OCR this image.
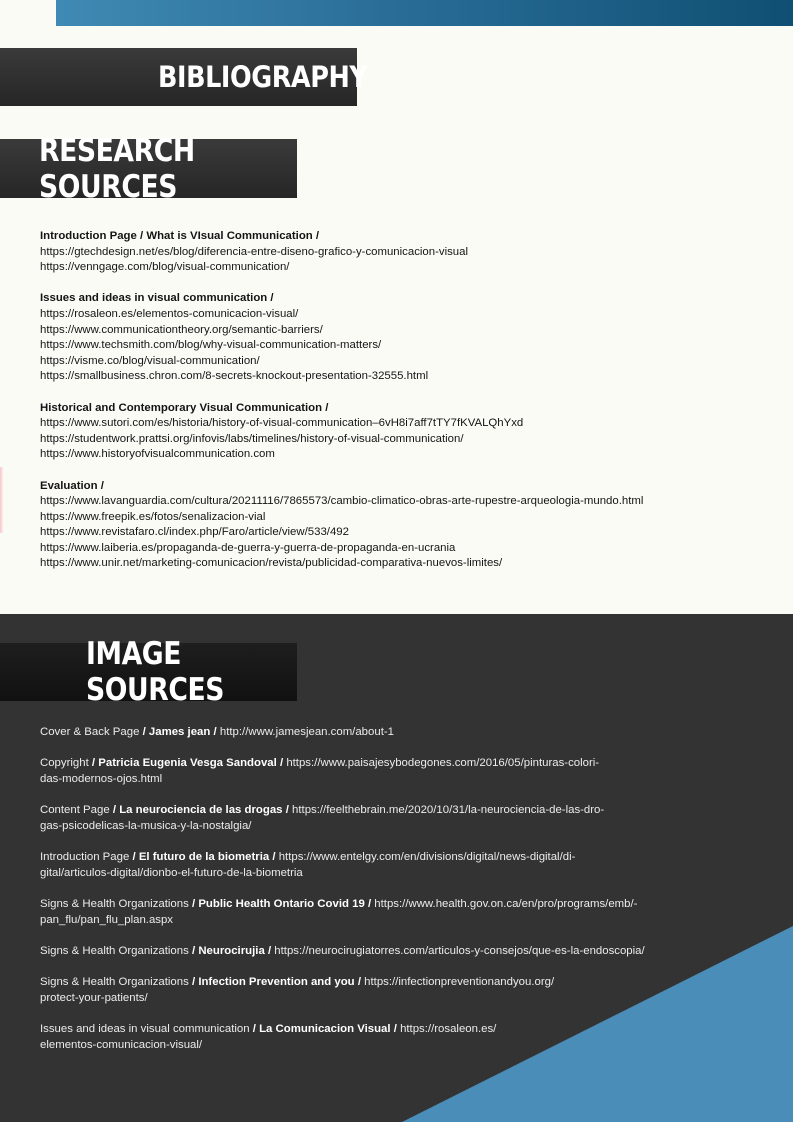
BIBLIOGRAPHY
RESEARCH SOURCES
Introduction Page / What is VIsual Communication /
https://gtechdesign.net/es/blog/diferencia-entre-diseno-grafico-y-comunicacion-visual
https://venngage.com/blog/visual-communication/
Issues and ideas in visual communication /
https://rosaleon.es/elementos-comunicacion-visual/
https://www.communicationtheory.org/semantic-barriers/
https://www.techsmith.com/blog/why-visual-communication-matters/
https://visme.co/blog/visual-communication/
https://smallbusiness.chron.com/8-secrets-knockout-presentation-32555.html
Historical and Contemporary Visual Communication /
https://www.sutori.com/es/historia/history-of-visual-communication–6vH8i7aff7tTY7fKVALQhYxd
https://studentwork.prattsi.org/infovis/labs/timelines/history-of-visual-communication/
https://www.historyofvisualcommunication.com
Evaluation /
https://www.lavanguardia.com/cultura/20211116/7865573/cambio-climatico-obras-arte-rupestre-arqueologia-mundo.html
https://www.freepik.es/fotos/senalizacion-vial
https://www.revistafaro.cl/index.php/Faro/article/view/533/492
https://www.laiberia.es/propaganda-de-guerra-y-guerra-de-propaganda-en-ucrania
https://www.unir.net/marketing-comunicacion/revista/publicidad-comparativa-nuevos-limites/
IMAGE SOURCES
Cover & Back Page / James jean / http://www.jamesjean.com/about-1
Copyright / Patricia Eugenia Vesga Sandoval / https://www.paisajesybodegones.com/2016/05/pinturas-colori-
das-modernos-ojos.html
Content Page / La neurociencia de las drogas / https://feelthebrain.me/2020/10/31/la-neurociencia-de-las-dro-
gas-psicodelicas-la-musica-y-la-nostalgia/
Introduction Page / El futuro de la biometria / https://www.entelgy.com/en/divisions/digital/news-digital/di-
gital/articulos-digital/dionbo-el-futuro-de-la-biometria
Signs & Health Organizations / Public Health Ontario Covid 19 / https://www.health.gov.on.ca/en/pro/programs/emb/-
pan_flu/pan_flu_plan.aspx
Signs & Health Organizations / Neurocirujia / https://neurocirugiatorres.com/articulos-y-consejos/que-es-la-endoscopia/
Signs & Health Organizations / Infection Prevention and you / https://infectionpreventionandyou.org/
protect-your-patients/
Issues and ideas in visual communication / La Comunicacion Visual / https://rosaleon.es/
elementos-comunicacion-visual/
